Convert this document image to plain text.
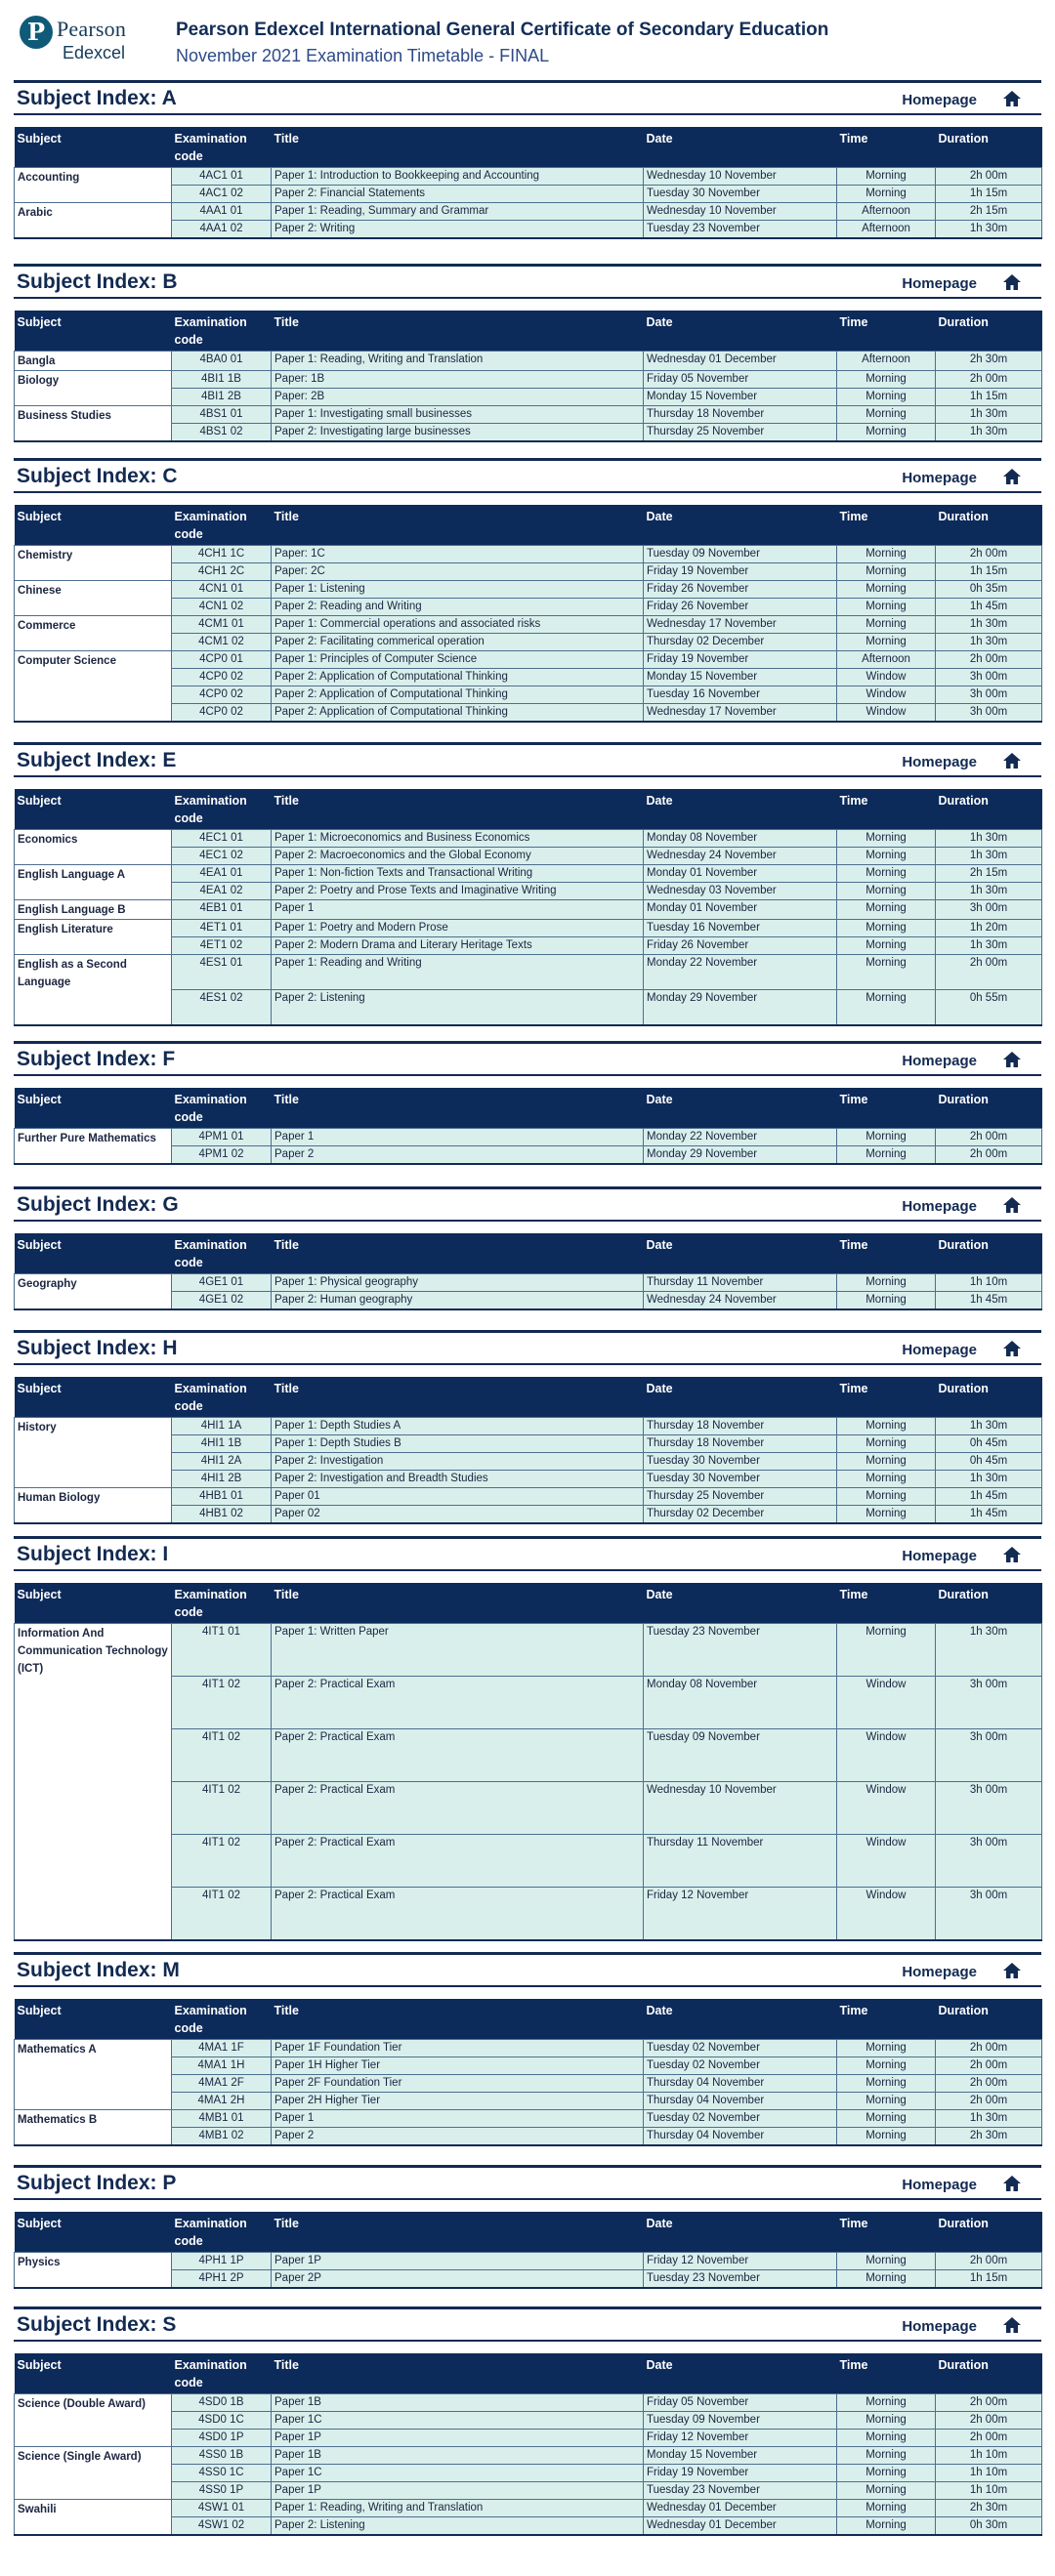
P Pearson
Edexcel
Pearson Edexcel International General Certificate of Secondary Education
November 2021 Examination Timetable - FINAL
Subject Index: A	Homepage
Subject	Examination code	Title	Date	Time	Duration
Accounting	4AC1 01	Paper 1: Introduction to Bookkeeping and Accounting	Wednesday 10 November	Morning	2h 00m
	4AC1 02	Paper 2: Financial Statements	Tuesday 30 November	Morning	1h 15m
Arabic	4AA1 01	Paper 1: Reading, Summary and Grammar	Wednesday 10 November	Afternoon	2h 15m
	4AA1 02	Paper 2: Writing	Tuesday 23 November	Afternoon	1h 30m
Subject Index: B	Homepage
Subject	Examination code	Title	Date	Time	Duration
Bangla	4BA0 01	Paper 1: Reading, Writing and Translation	Wednesday 01 December	Afternoon	2h 30m
Biology	4BI1 1B	Paper: 1B	Friday 05 November	Morning	2h 00m
	4BI1 2B	Paper: 2B	Monday 15 November	Morning	1h 15m
Business Studies	4BS1 01	Paper 1: Investigating small businesses	Thursday 18 November	Morning	1h 30m
	4BS1 02	Paper 2: Investigating large businesses	Thursday 25 November	Morning	1h 30m
Subject Index: C	Homepage
Subject	Examination code	Title	Date	Time	Duration
Chemistry	4CH1 1C	Paper: 1C	Tuesday 09 November	Morning	2h 00m
	4CH1 2C	Paper: 2C	Friday 19 November	Morning	1h 15m
Chinese	4CN1 01	Paper 1: Listening	Friday 26 November	Morning	0h 35m
	4CN1 02	Paper 2: Reading and Writing	Friday 26 November	Morning	1h 45m
Commerce	4CM1 01	Paper 1: Commercial operations and associated risks	Wednesday 17 November	Morning	1h 30m
	4CM1 02	Paper 2: Facilitating commerical operation	Thursday 02 December	Morning	1h 30m
Computer Science	4CP0 01	Paper 1: Principles of Computer Science	Friday 19 November	Afternoon	2h 00m
	4CP0 02	Paper 2: Application of Computational Thinking	Monday 15 November	Window	3h 00m
	4CP0 02	Paper 2: Application of Computational Thinking	Tuesday 16 November	Window	3h 00m
	4CP0 02	Paper 2: Application of Computational Thinking	Wednesday 17 November	Window	3h 00m
Subject Index: E	Homepage
Subject	Examination code	Title	Date	Time	Duration
Economics	4EC1 01	Paper 1: Microeconomics and Business Economics	Monday 08 November	Morning	1h 30m
	4EC1 02	Paper 2: Macroeconomics and the Global Economy	Wednesday 24 November	Morning	1h 30m
English Language A	4EA1 01	Paper 1: Non-fiction Texts and Transactional Writing	Monday 01 November	Morning	2h 15m
	4EA1 02	Paper 2: Poetry and Prose Texts and Imaginative Writing	Wednesday 03 November	Morning	1h 30m
English Language B	4EB1 01	Paper 1	Monday 01 November	Morning	3h 00m
English Literature	4ET1 01	Paper 1: Poetry and Modern Prose	Tuesday 16 November	Morning	1h 20m
	4ET1 02	Paper 2: Modern Drama and Literary Heritage Texts	Friday 26 November	Morning	1h 30m
English as a Second Language	4ES1 01	Paper 1: Reading and Writing	Monday 22 November	Morning	2h 00m
	4ES1 02	Paper 2: Listening	Monday 29 November	Morning	0h 55m
Subject Index: F	Homepage
Subject	Examination code	Title	Date	Time	Duration
Further Pure Mathematics	4PM1 01	Paper 1	Monday 22 November	Morning	2h 00m
	4PM1 02	Paper 2	Monday 29 November	Morning	2h 00m
Subject Index: G	Homepage
Subject	Examination code	Title	Date	Time	Duration
Geography	4GE1 01	Paper 1: Physical geography	Thursday 11 November	Morning	1h 10m
	4GE1 02	Paper 2: Human geography	Wednesday 24 November	Morning	1h 45m
Subject Index: H	Homepage
Subject	Examination code	Title	Date	Time	Duration
History	4HI1 1A	Paper 1: Depth Studies A	Thursday 18 November	Morning	1h 30m
	4HI1 1B	Paper 1: Depth Studies B	Thursday 18 November	Morning	0h 45m
	4HI1 2A	Paper 2: Investigation	Tuesday 30 November	Morning	0h 45m
	4HI1 2B	Paper 2: Investigation and Breadth Studies	Tuesday 30 November	Morning	1h 30m
Human Biology	4HB1 01	Paper 01	Thursday 25 November	Morning	1h 45m
	4HB1 02	Paper 02	Thursday 02 December	Morning	1h 45m
Subject Index: I	Homepage
Subject	Examination code	Title	Date	Time	Duration
Information And Communication Technology (ICT)	4IT1 01	Paper 1: Written Paper	Tuesday 23 November	Morning	1h 30m
	4IT1 02	Paper 2: Practical Exam	Monday 08 November	Window	3h 00m
	4IT1 02	Paper 2: Practical Exam	Tuesday 09 November	Window	3h 00m
	4IT1 02	Paper 2: Practical Exam	Wednesday 10 November	Window	3h 00m
	4IT1 02	Paper 2: Practical Exam	Thursday 11 November	Window	3h 00m
	4IT1 02	Paper 2: Practical Exam	Friday 12 November	Window	3h 00m
Subject Index: M	Homepage
Subject	Examination code	Title	Date	Time	Duration
Mathematics A	4MA1 1F	Paper 1F Foundation Tier	Tuesday 02 November	Morning	2h 00m
	4MA1 1H	Paper 1H Higher Tier	Tuesday 02 November	Morning	2h 00m
	4MA1 2F	Paper 2F Foundation Tier	Thursday 04 November	Morning	2h 00m
	4MA1 2H	Paper 2H Higher Tier	Thursday 04 November	Morning	2h 00m
Mathematics B	4MB1 01	Paper 1	Tuesday 02 November	Morning	1h 30m
	4MB1 02	Paper 2	Thursday 04 November	Morning	2h 30m
Subject Index: P	Homepage
Subject	Examination code	Title	Date	Time	Duration
Physics	4PH1 1P	Paper 1P	Friday 12 November	Morning	2h 00m
	4PH1 2P	Paper 2P	Tuesday 23 November	Morning	1h 15m
Subject Index: S	Homepage
Subject	Examination code	Title	Date	Time	Duration
Science (Double Award)	4SD0 1B	Paper 1B	Friday 05 November	Morning	2h 00m
	4SD0 1C	Paper 1C	Tuesday 09 November	Morning	2h 00m
	4SD0 1P	Paper 1P	Friday 12 November	Morning	2h 00m
Science (Single Award)	4SS0 1B	Paper 1B	Monday 15 November	Morning	1h 10m
	4SS0 1C	Paper 1C	Friday 19 November	Morning	1h 10m
	4SS0 1P	Paper 1P	Tuesday 23 November	Morning	1h 10m
Swahili	4SW1 01	Paper 1: Reading, Writing and Translation	Wednesday 01 December	Morning	2h 30m
	4SW1 02	Paper 2: Listening	Wednesday 01 December	Morning	0h 30m
